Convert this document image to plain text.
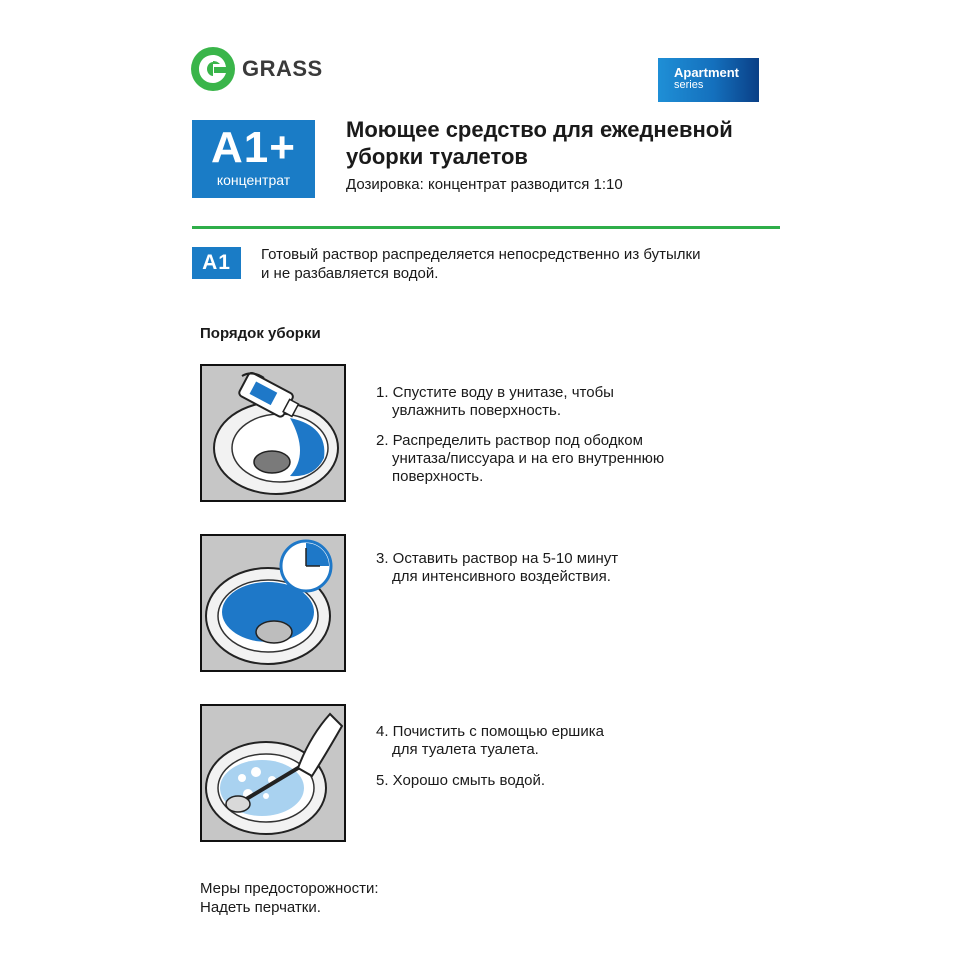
GRASS	Apartment
series
A1+
концентрат
Моющее средство для ежедневной
уборки туалетов
Дозировка: концентрат разводится 1:10
A1	Готовый раствор распределяется непосредственно из бутылки
и не разбавляется водой.
Порядок уборки
1. Спустите воду в унитазе, чтобы
увлажнить поверхность.
2. Распределить раствор под ободком
унитаза/писсуара и на его внутреннюю
поверхность.
3. Оставить раствор на 5-10 минут
для интенсивного воздействия.
4. Почистить с помощью ершика
для туалета туалета.
5. Хорошо смыть водой.
Меры предосторожности:
Надеть перчатки.
